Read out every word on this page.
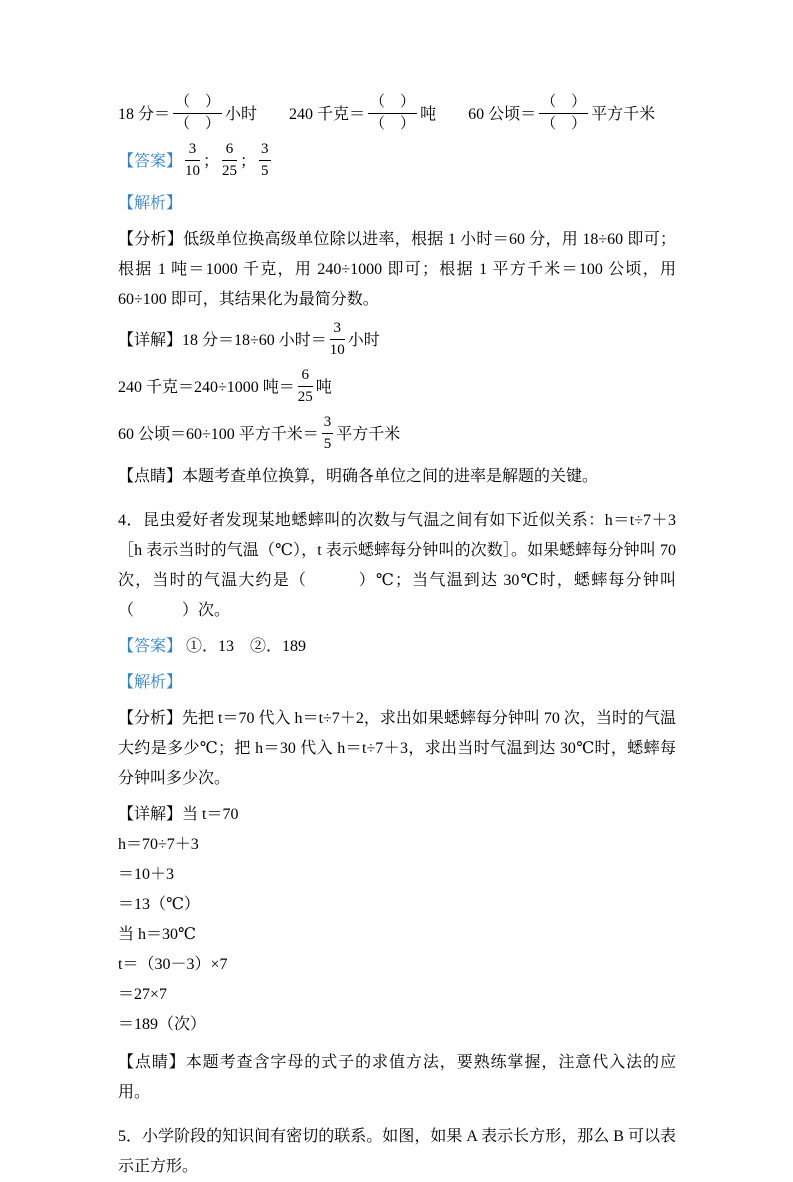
18 分＝ $\frac{( )}{( )}$ 小时　　240 千克＝ $\frac{( )}{( )}$ 吨　　60 公顷＝ $\frac{( )}{( )}$ 平方千米
【答案】 $\frac{3}{10}$ ； $\frac{6}{25}$ ； $\frac{3}{5}$
【解析】
【分析】低级单位换高级单位除以进率，根据 1 小时＝60 分，用 18÷60 即可；根据 1 吨＝1000 千克，用 240÷1000 即可；根据 1 平方千米＝100 公顷，用 60÷100 即可，其结果化为最简分数。
【详解】18 分＝18÷60 小时＝ $\frac{3}{10}$ 小时
240 千克＝240÷1000 吨＝ $\frac{6}{25}$ 吨
60 公顷＝60÷100 平方千米＝ $\frac{3}{5}$ 平方千米
【点睛】本题考查单位换算，明确各单位之间的进率是解题的关键。
4．昆虫爱好者发现某地蟋蟀叫的次数与气温之间有如下近似关系：h＝t÷7＋3［h 表示当时的气温（℃），t 表示蟋蟀每分钟叫的次数］。如果蟋蟀每分钟叫 70 次，当时的气温大约是（　　　）℃；当气温到达 30℃时，蟋蟀每分钟叫（　　　）次。
【答案】 ①．13　②．189
【解析】
【分析】先把 t＝70 代入 h＝t÷7＋2，求出如果蟋蟀每分钟叫 70 次，当时的气温大约是多少℃；把 h＝30 代入 h＝t÷7＋3，求出当时气温到达 30℃时，蟋蟀每分钟叫多少次。
【详解】当 t＝70
h＝70÷7＋3
＝10＋3
＝13（℃）
当 h＝30℃
t＝（30－3）×7
＝27×7
＝189（次）
【点睛】本题考查含字母的式子的求值方法，要熟练掌握，注意代入法的应用。
5．小学阶段的知识间有密切的联系。如图，如果 A 表示长方形，那么 B 可以表示正方形。
